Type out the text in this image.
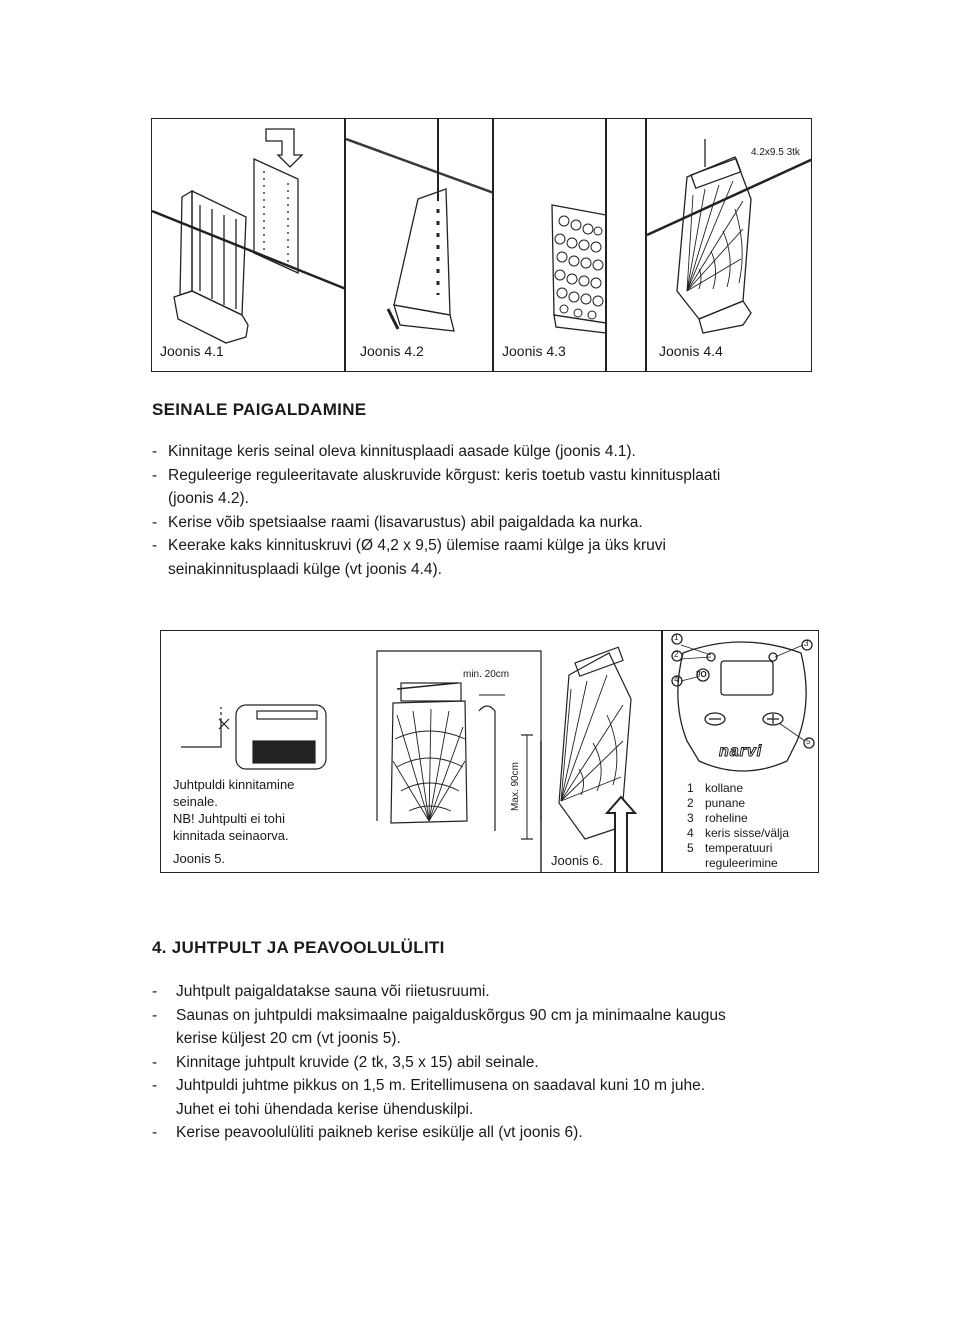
Joonis 4.1	Joonis 4.2	Joonis 4.3
4.2x9.5 3tk
Joonis 4.4
SEINALE PAIGALDAMINE
- Kinnitage keris seinal oleva kinnitusplaadi aasade külge (joonis 4.1).
- Reguleerige reguleeritavate aluskruvide kõrgust: keris toetub vastu kinnitusplaati
(joonis 4.2).
- Kerise võib spetsiaalse raami (lisavarustus) abil paigaldada ka nurka.
- Keerake kaks kinnituskruvi (Ø 4,2 x 9,5) ülemise raami külge ja üks kruvi
seinakinnitusplaadi külge (vt joonis 4.4).
Juhtpuldi kinnitamine
seinale.
NB! Juhtpulti ei tohi
kinnitada seinaorva.
Joonis 5.
min. 20cm
Max. 90cm
Joonis 6.
I/O
1
2
3
4
5
narvi
1 kollane
2 punane
3 roheline
4 keris sisse/välja
5 temperatuuri
reguleerimine
4. JUHTPULT JA PEAVOOLULÜLITI
- Juhtpult paigaldatakse sauna või riietusruumi.
- Saunas on juhtpuldi maksimaalne paigalduskõrgus 90 cm ja minimaalne kaugus
kerise küljest 20 cm (vt joonis 5).
- Kinnitage juhtpult kruvide (2 tk, 3,5 x 15) abil seinale.
- Juhtpuldi juhtme pikkus on 1,5 m. Eritellimusena on saadaval kuni 10 m juhe.
Juhet ei tohi ühendada kerise ühenduskilpi.
- Kerise peavoolulüliti paikneb kerise esikülje all (vt joonis 6).
